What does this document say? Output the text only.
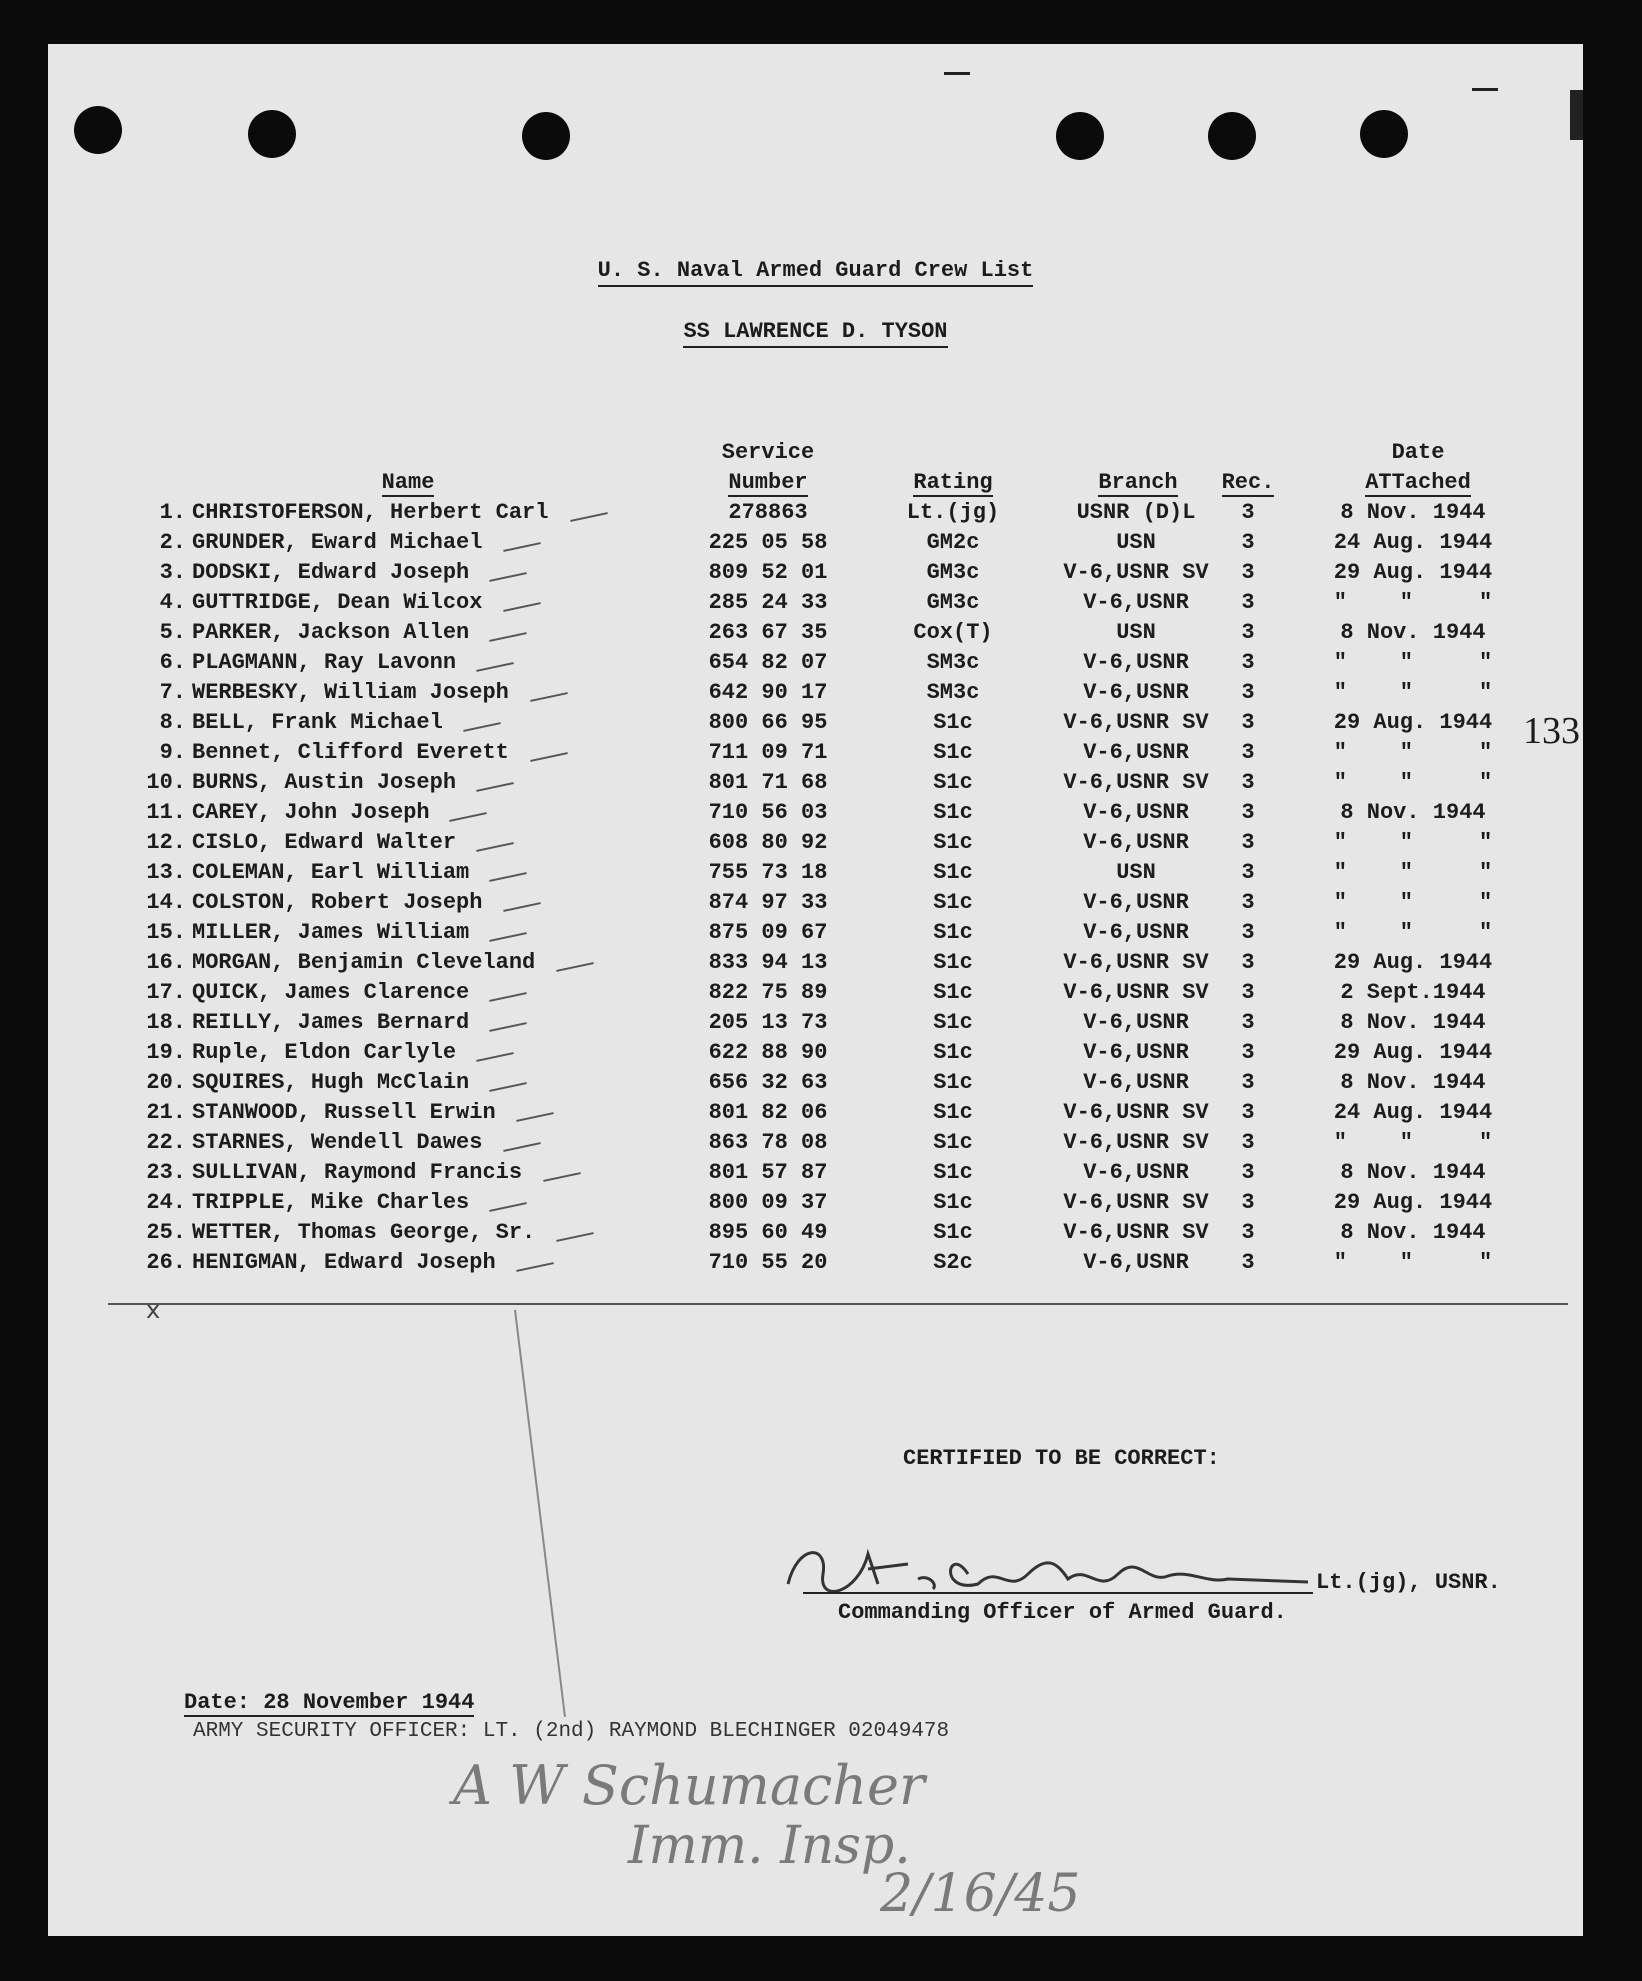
U. S. Naval Armed Guard Crew List
SS LAWRENCE D. TYSON
Name
Service
Number	Rating	Branch	Rec.
Date
ATTached
1. CHRISTOFERSON, Herbert Carl	278863	Lt.(jg)	USNR (D)L	3	8 Nov. 1944
2. GRUNDER, Eward Michael	225 05 58	GM2c	USN	3	24 Aug. 1944
3. DODSKI, Edward Joseph	809 52 01	GM3c	V-6,USNR SV	3	29 Aug. 1944
4. GUTTRIDGE, Dean Wilcox	285 24 33	GM3c	V-6,USNR	3	"    "     "
5. PARKER, Jackson Allen	263 67 35	Cox(T)	USN	3	8 Nov. 1944
6. PLAGMANN, Ray Lavonn	654 82 07	SM3c	V-6,USNR	3	"    "     "
7. WERBESKY, William Joseph	642 90 17	SM3c	V-6,USNR	3	"    "     "
8. BELL, Frank Michael	800 66 95	S1c	V-6,USNR SV	3	29 Aug. 1944
9. Bennet, Clifford Everett	711 09 71	S1c	V-6,USNR	3	"    "     "
10. BURNS, Austin Joseph	801 71 68	S1c	V-6,USNR SV	3	"    "     "
11. CAREY, John Joseph	710 56 03	S1c	V-6,USNR	3	8 Nov. 1944
12. CISLO, Edward Walter	608 80 92	S1c	V-6,USNR	3	"    "     "
13. COLEMAN, Earl William	755 73 18	S1c	USN	3	"    "     "
14. COLSTON, Robert Joseph	874 97 33	S1c	V-6,USNR	3	"    "     "
15. MILLER, James William	875 09 67	S1c	V-6,USNR	3	"    "     "
16. MORGAN, Benjamin Cleveland	833 94 13	S1c	V-6,USNR SV	3	29 Aug. 1944
17. QUICK, James Clarence	822 75 89	S1c	V-6,USNR SV	3	2 Sept.1944
18. REILLY, James Bernard	205 13 73	S1c	V-6,USNR	3	8 Nov. 1944
19. Ruple, Eldon Carlyle	622 88 90	S1c	V-6,USNR	3	29 Aug. 1944
20. SQUIRES, Hugh McClain	656 32 63	S1c	V-6,USNR	3	8 Nov. 1944
21. STANWOOD, Russell Erwin	801 82 06	S1c	V-6,USNR SV	3	24 Aug. 1944
22. STARNES, Wendell Dawes	863 78 08	S1c	V-6,USNR SV	3	"    "     "
23. SULLIVAN, Raymond Francis	801 57 87	S1c	V-6,USNR	3	8 Nov. 1944
24. TRIPPLE, Mike Charles	800 09 37	S1c	V-6,USNR SV	3	29 Aug. 1944
25. WETTER, Thomas George, Sr.	895 60 49	S1c	V-6,USNR SV	3	8 Nov. 1944
26. HENIGMAN, Edward Joseph	710 55 20	S2c	V-6,USNR	3	"    "     "
x
133
CERTIFIED TO BE CORRECT:
Lt.(jg), USNR.
Commanding Officer of Armed Guard.
Date: 28 November 1944
ARMY SECURITY OFFICER: LT. (2nd) RAYMOND BLECHINGER 02049478
A W Schumacher
Imm. Insp.
2/16/45
